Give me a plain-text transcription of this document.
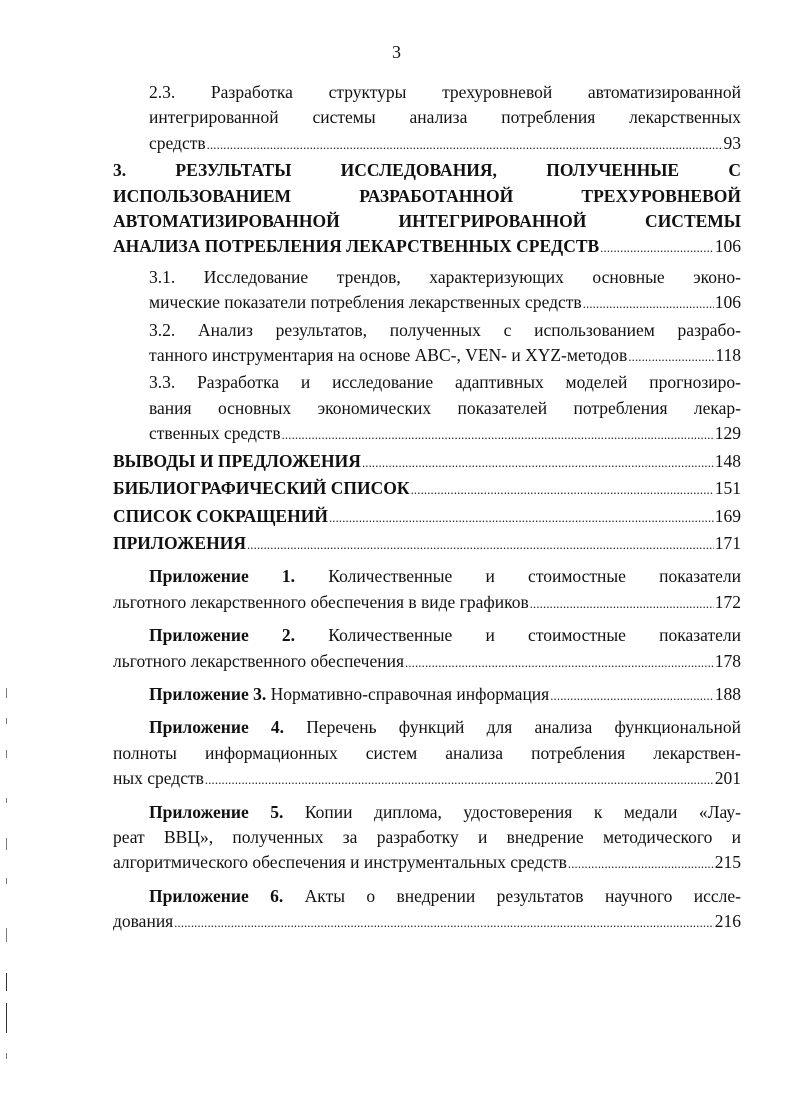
3
2.3. Разработка структуры трехуровневой автоматизированной
интегрированной системы анализа потребления лекарственных
средств .....	93
3. РЕЗУЛЬТАТЫ ИССЛЕДОВАНИЯ, ПОЛУЧЕННЫЕ С
ИСПОЛЬЗОВАНИЕМ РАЗРАБОТАННОЙ ТРЕХУРОВНЕВОЙ
АВТОМАТИЗИРОВАННОЙ ИНТЕГРИРОВАННОЙ СИСТЕМЫ
АНАЛИЗА ПОТРЕБЛЕНИЯ ЛЕКАРСТВЕННЫХ СРЕДСТВ .....	106
3.1. Исследование трендов, характеризующих основные эконо-
мические показатели потребления лекарственных средств .....	106
3.2. Анализ результатов, полученных с использованием разрабо-
танного инструментария на основе АВС-, VEN- и XYZ-методов .....	118
3.3. Разработка и исследование адаптивных моделей прогнозиро-
вания основных экономических показателей потребления лекар-
ственных средств .....	129
ВЫВОДЫ И ПРЕДЛОЖЕНИЯ .....	148
БИБЛИОГРАФИЧЕСКИЙ СПИСОК .....	151
СПИСОК СОКРАЩЕНИЙ .....	169
ПРИЛОЖЕНИЯ .....	171
Приложение 1. Количественные и стоимостные показатели
льготного лекарственного обеспечения в виде графиков .....	172
Приложение 2. Количественные и стоимостные показатели
льготного лекарственного обеспечения .....	178
Приложение 3.
Нормативно-справочная информация .....	188
Приложение 4. Перечень функций для анализа функциональной
полноты информационных систем анализа потребления лекарствен-
ных средств .....	201
Приложение 5. Копии диплома, удостоверения к медали «Лау-
реат ВВЦ», полученных за разработку и внедрение методического и
алгоритмического обеспечения и инструментальных средств .....	215
Приложение 6. Акты о внедрении результатов научного иссле-
дования .....	216
